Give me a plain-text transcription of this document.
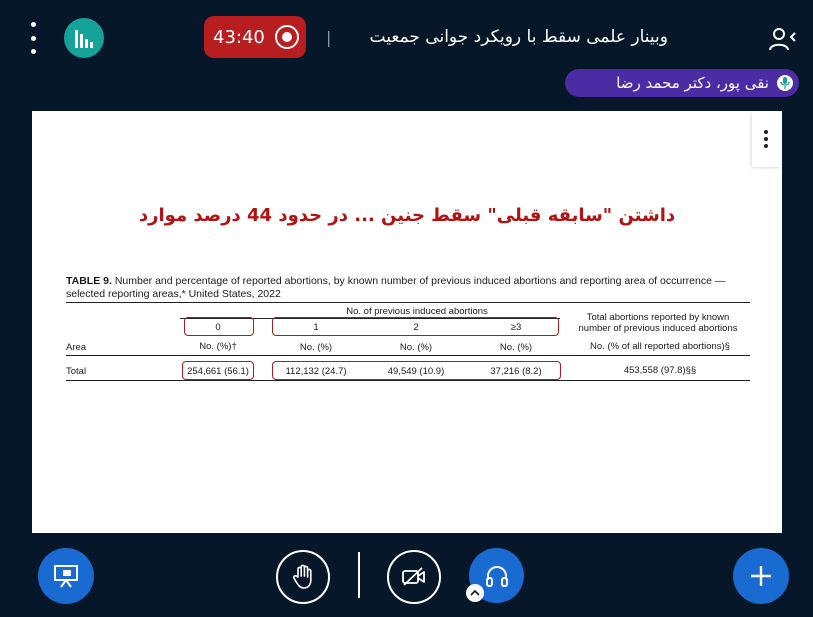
43:40	|	وبینار علمی سقط با رویکرد جوانی جمعیت
نقی پور، دکتر محمد رضا
داشتن "سابقه قبلی" سقط جنین ... در حدود 44 درصد موارد
TABLE 9. Number and percentage of reported abortions, by known number of previous induced abortions and reporting area of occurrence —
selected reporting areas,* United States, 2022
No. of previous induced abortions
0	1	2	≥3
Total abortions reported by known
number of previous induced abortions
Area	No. (%)†	No. (%)	No. (%)	No. (%)	No. (% of all reported abortions)§
Total	254,661 (56.1)	112,132 (24.7)	49,549 (10.9)	37,216 (8.2)	453,558 (97.8)§§
